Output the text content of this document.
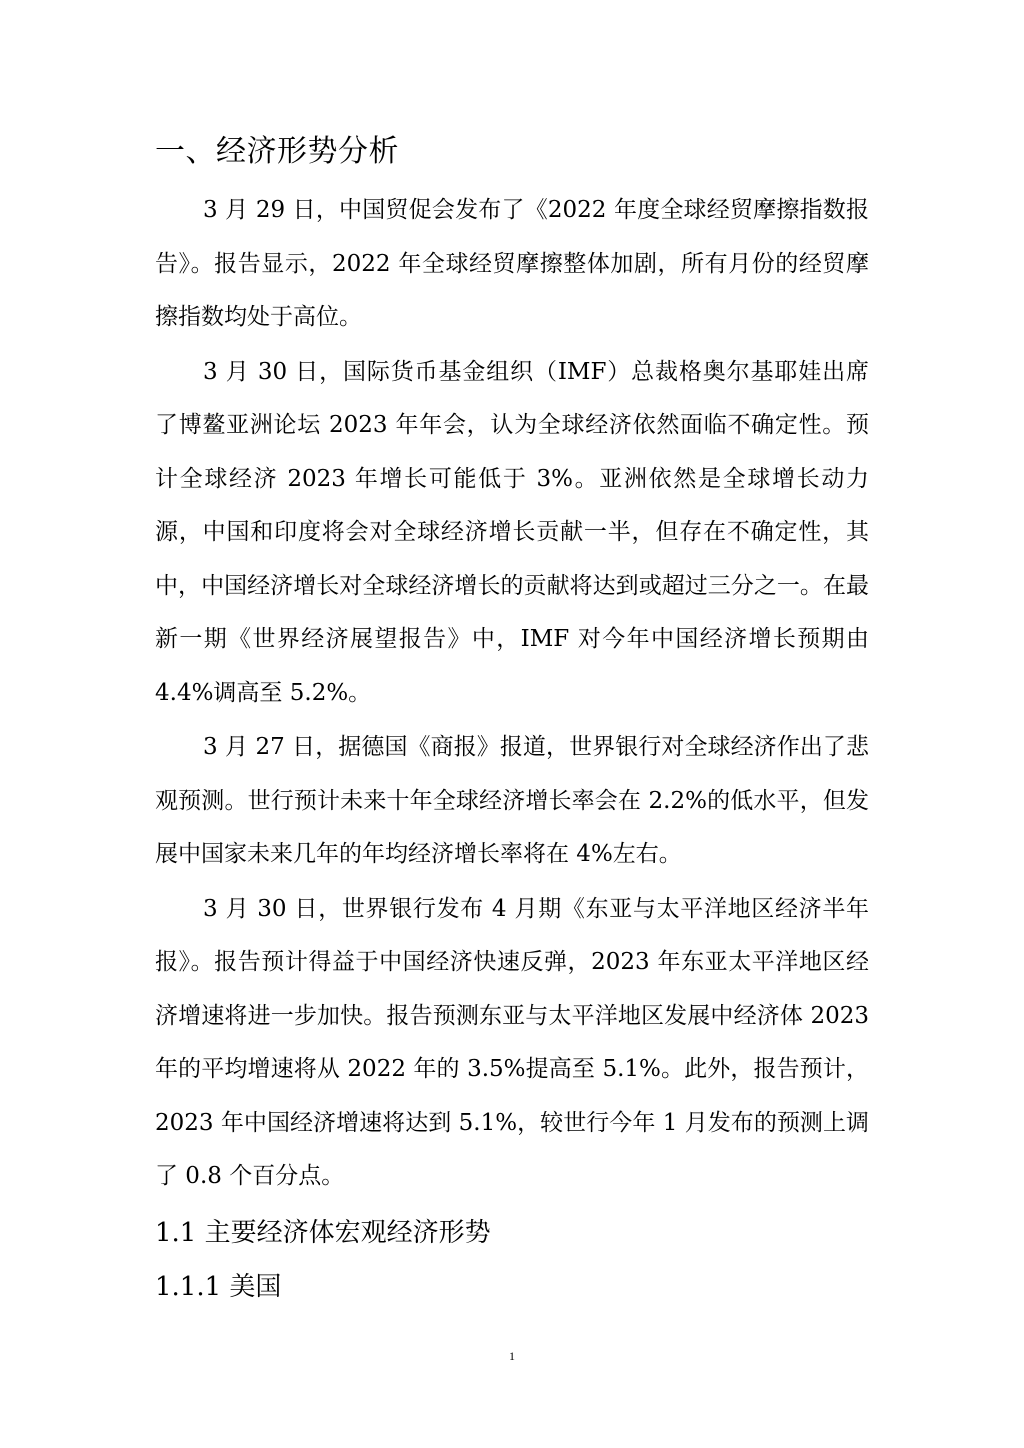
一、经济形势分析

3 月 29 日，中国贸促会发布了《2022 年度全球经贸摩擦指数报告》。报告显示，2022 年全球经贸摩擦整体加剧，所有月份的经贸摩擦指数均处于高位。

3 月 30 日，国际货币基金组织（IMF）总裁格奥尔基耶娃出席了博鳌亚洲论坛 2023 年年会，认为全球经济依然面临不确定性。预计全球经济 2023 年增长可能低于 3%。亚洲依然是全球增长动力源，中国和印度将会对全球经济增长贡献一半，但存在不确定性，其中，中国经济增长对全球经济增长的贡献将达到或超过三分之一。在最新一期《世界经济展望报告》中，IMF 对今年中国经济增长预期由 4.4%调高至 5.2%。

3 月 27 日，据德国《商报》报道，世界银行对全球经济作出了悲观预测。世行预计未来十年全球经济增长率会在 2.2%的低水平，但发展中国家未来几年的年均经济增长率将在 4%左右。

3 月 30 日，世界银行发布 4 月期《东亚与太平洋地区经济半年报》。报告预计得益于中国经济快速反弹，2023 年东亚太平洋地区经济增速将进一步加快。报告预测东亚与太平洋地区发展中经济体 2023 年的平均增速将从 2022 年的 3.5%提高至 5.1%。此外，报告预计，2023 年中国经济增速将达到 5.1%，较世行今年 1 月发布的预测上调了 0.8 个百分点。

1.1 主要经济体宏观经济形势
1.1.1 美国
1
